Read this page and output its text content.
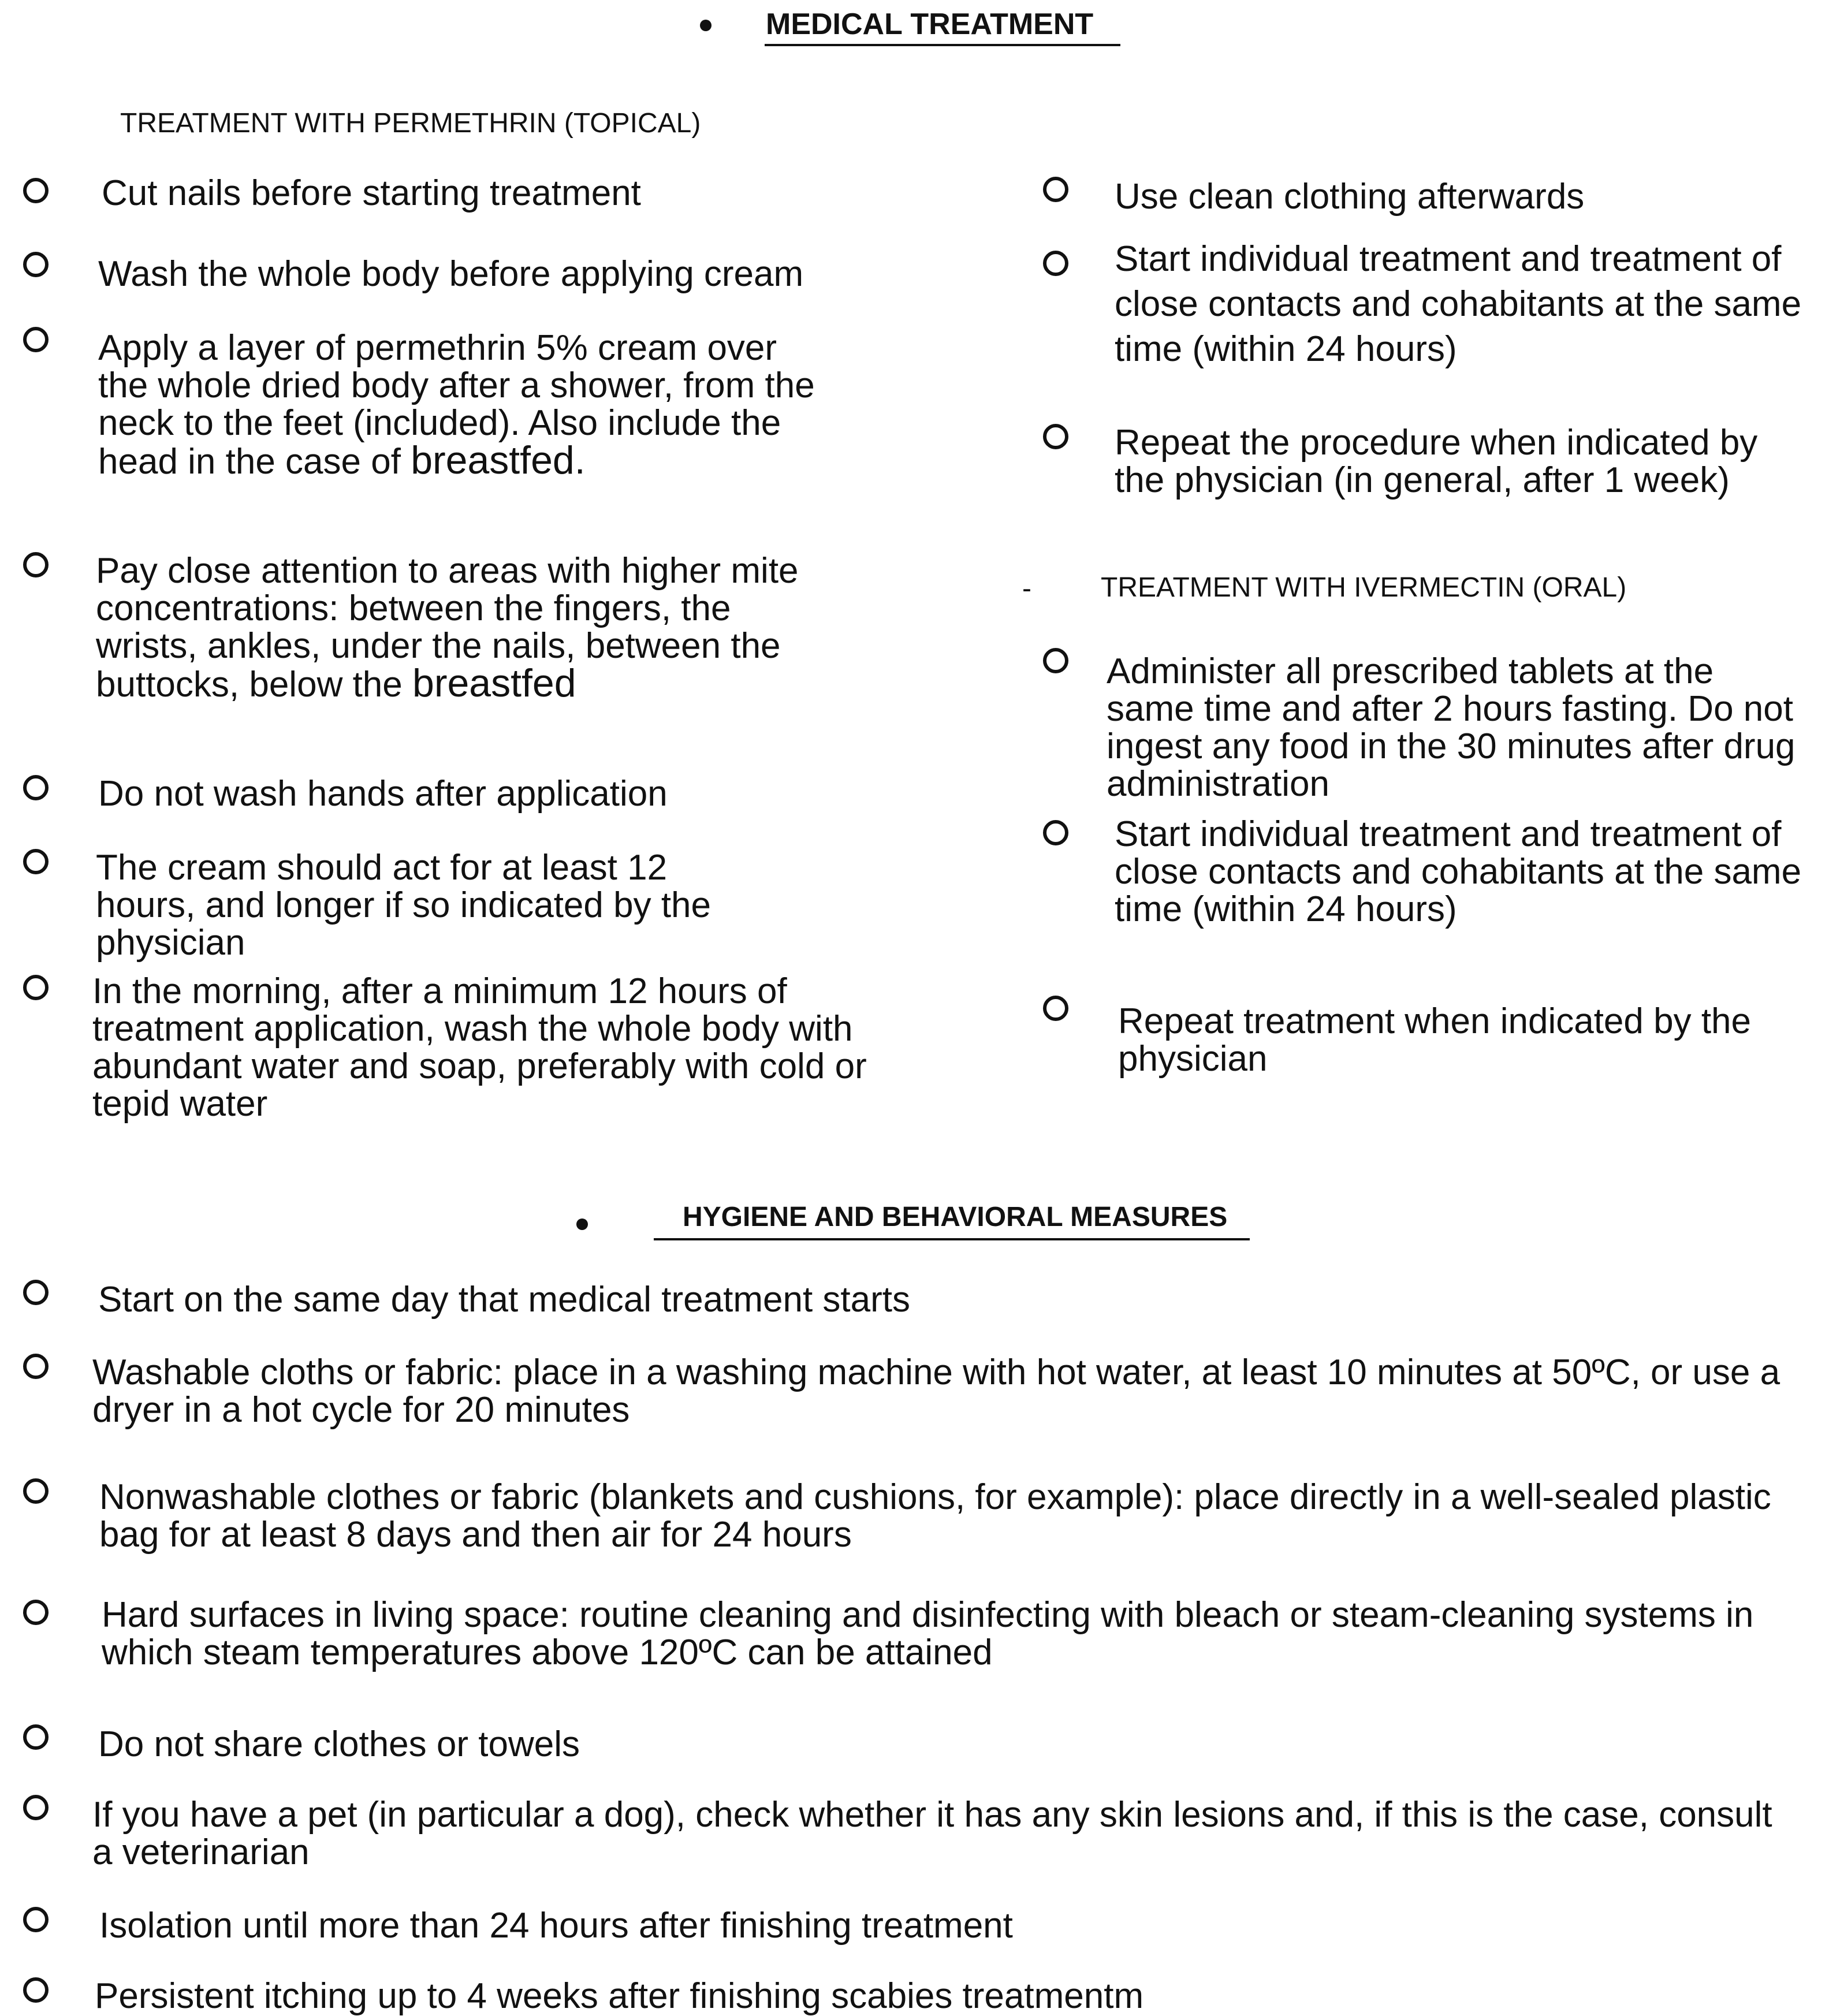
MEDICAL TREATMENT
TREATMENT WITH PERMETHRIN (TOPICAL)
Cut nails before starting treatment
Wash the whole body before applying cream
Apply a layer of permethrin 5% cream over the whole dried body after a shower, from the neck to the feet (included). Also include the head in the case of breastfed.
Pay close attention to areas with higher mite concentrations: between the fingers, the wrists, ankles, under the nails, between the buttocks, below the breastfed
Do not wash hands after application
The cream should act for at least 12 hours, and longer if so indicated by the physician
In the morning, after a minimum 12 hours of treatment application, wash the whole body with abundant water and soap, preferably with cold or tepid water
Use clean clothing afterwards
Start individual treatment and treatment of close contacts and cohabitants at the same time (within 24 hours)
Repeat the procedure when indicated by the physician (in general, after 1 week)
-	TREATMENT WITH IVERMECTIN (ORAL)
Administer all prescribed tablets at the same time and after 2 hours fasting. Do not ingest any food in the 30 minutes after drug administration
Start individual treatment and treatment of close contacts and cohabitants at the same time (within 24 hours)
Repeat treatment when indicated by the physician
HYGIENE AND BEHAVIORAL MEASURES
Start on the same day that medical treatment starts
Washable cloths or fabric: place in a washing machine with hot water, at least 10 minutes at 50ºC, or use a dryer in a hot cycle for 20 minutes
Nonwashable clothes or fabric (blankets and cushions, for example): place directly in a well-sealed plastic bag for at least 8 days and then air for 24 hours
Hard surfaces in living space: routine cleaning and disinfecting with bleach or steam-cleaning systems in which steam temperatures above 120ºC can be attained
Do not share clothes or towels
If you have a pet (in particular a dog), check whether it has any skin lesions and, if this is the case, consult a veterinarian
Isolation until more than 24 hours after finishing treatment
Persistent itching up to 4 weeks after finishing scabies treatmentm
